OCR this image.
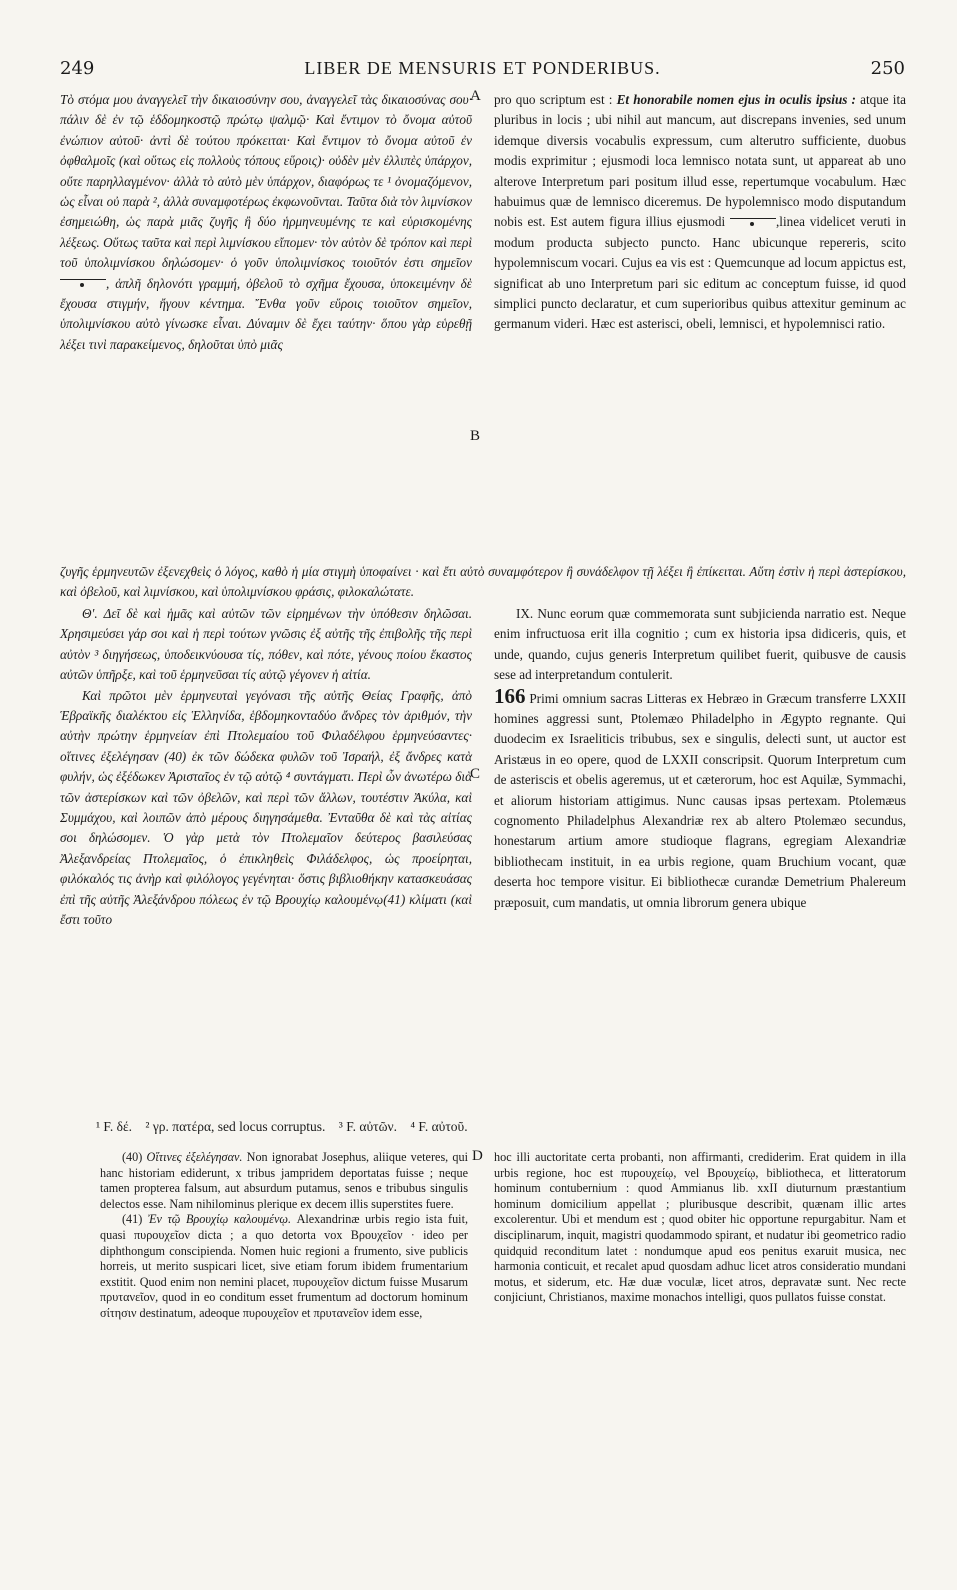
249	LIBER DE MENSURIS ET PONDERIBUS.	250
A
B
C

Τὸ στόμα μου ἀναγγελεῖ τὴν δικαιοσύνην σου, ἀναγγελεῖ τὰς δικαιοσύνας σου· πάλιν δὲ ἐν τῷ ἑδδομηκοστῷ πρώτῳ ψαλμῷ· Καὶ ἔντιμον τὸ ὄνομα αὐτοῦ ἐνώπιον αὐτοῦ· ἀντὶ δὲ τούτου πρόκειται· Καὶ ἔντιμον τὸ ὄνομα αὐτοῦ ἐν ὀφθαλμοῖς (καὶ οὕτως εἰς πολλοὺς τόπους εὕροις)· οὐδὲν μὲν ἐλλιπὲς ὑπάρχον, οὔτε παρηλλαγμένον· ἀλλὰ τὸ αὐτὸ μὲν ὑπάρχον, διαφόρως τε ¹ ὀνομαζόμενον, ὡς εἶναι οὐ παρὰ ², ἀλλὰ συναμφοτέρως ἐκφωνοῦνται. Ταῦτα διὰ τὸν λιμνίσκον ἐσημειώθη, ὡς παρὰ μιᾶς ζυγῆς ἢ δύο ἡρμηνευμένης τε καὶ εὑρισκομένης λέξεως. Οὕτως ταῦτα καὶ περὶ λιμνίσκου εἴπομεν· τὸν αὐτὸν δὲ τρόπον καὶ περὶ τοῦ ὑπολιμνίσκου δηλώσομεν· ὁ γοῦν ὑπολιμνίσκος τοιοῦτόν ἐστι σημεῖον , ἁπλῆ δηλονότι γραμμή, ὀβελοῦ τὸ σχῆμα ἔχουσα, ὑποκειμένην δὲ ἔχουσα στιγμήν, ἤγουν κέντημα. Ἔνθα γοῦν εὕροις τοιοῦτον σημεῖον, ὑπολιμνίσκου αὐτὸ γίνωσκε εἶναι. Δύναμιν δὲ ἔχει ταύτην· ὅπου γὰρ εὑρεθῇ λέξει τινὶ παρακείμενος, δηλοῦται ὑπὸ μιᾶς

pro quo scriptum est : Et honorabile nomen ejus in oculis ipsius : atque ita pluribus in locis ; ubi nihil aut mancum, aut discrepans invenies, sed unum idemque diversis vocabulis expressum, cum alterutro sufficiente, duobus modis exprimitur ; ejusmodi loca lemnisco notata sunt, ut appareat ab uno alterove Interpretum pari positum illud esse, repertumque vocabulum. Hæc habuimus quæ de lemnisco diceremus. De hypolemnisco modo disputandum nobis est. Est autem figura illius ejusmodi	,linea videlicet veruti in modum producta subjecto puncto. Hanc ubicunque repereris, scito hypolemniscum vocari. Cujus ea vis est : Quemcunque ad locum appictus est, significat ab uno Interpretum pari sic editum ac conceptum fuisse, id quod simplici puncto declaratur, et cum superioribus quibus attexitur geminum ac germanum videri. Hæc est asterisci, obeli, lemnisci, et hypolemnisci ratio.

ζυγῆς ἑρμηνευτῶν ἐξενεχθεὶς ὁ λόγος, καθὸ ἡ μία στιγμὴ ὑποφαίνει · καὶ ἔτι αὐτὸ συναμφότερον ἢ συνάδελφον τῇ λέξει ἢ ἐπίκειται. Αὕτη ἐστὶν ἡ περὶ ἀστερίσκου, καὶ ὀβελοῦ, καὶ λιμνίσκου, καὶ ὑπολιμνίσκου φράσις, φιλοκαλώτατε.

Θ'. Δεῖ δὲ καὶ ἡμᾶς καὶ αὐτῶν τῶν εἰρημένων τὴν ὑπόθεσιν δηλῶσαι. Χρησιμεύσει γάρ σοι καὶ ἡ περὶ τούτων γνῶσις ἐξ αὐτῆς τῆς ἐπιβολῆς τῆς περὶ αὐτὸν ³ διηγήσεως, ὑποδεικνύουσα τίς, πόθεν, καὶ πότε, γένους ποίου ἕκαστος αὐτῶν ὑπῆρξε, καὶ τοῦ ἑρμηνεῦσαι τίς αὐτῷ γέγονεν ἡ αἰτία.

Καὶ πρῶτοι μὲν ἑρμηνευταὶ γεγόνασι τῆς αὐτῆς Θείας Γραφῆς, ἀπὸ Ἑβραϊκῆς διαλέκτου εἰς Ἑλληνίδα, ἑβδομηκονταδύο ἄνδρες τὸν ἀριθμόν, τὴν αὐτὴν πρώτην ἑρμηνείαν ἐπὶ Πτολεμαίου τοῦ Φιλαδέλφου ἑρμηνεύσαντες· οἵτινες ἐξελέγησαν (40) ἐκ τῶν δώδεκα φυλῶν τοῦ Ἰσραήλ, ἐξ ἄνδρες κατὰ φυλήν, ὡς ἐξέδωκεν Ἀρισταῖος ἐν τῷ αὐτῷ ⁴ συντάγματι. Περὶ ὧν ἀνωτέρω διὰ τῶν ἀστερίσκων καὶ τῶν ὀβελῶν, καὶ περὶ τῶν ἄλλων, τουτέστιν Ἀκύλα, καὶ Συμμάχου, καὶ λοιπῶν ἀπὸ μέρους διηγησάμεθα. Ἐνταῦθα δὲ καὶ τὰς αἰτίας σοι δηλώσομεν. Ὁ γὰρ μετὰ τὸν Πτολεμαῖον δεύτερος βασιλεύσας Ἀλεξανδρείας Πτολεμαῖος, ὁ ἐπικληθεὶς Φιλάδελφος, ὡς προείρηται, φιλόκαλός τις ἀνὴρ καὶ φιλόλογος γεγένηται· ὅστις βιβλιοθήκην κατασκευάσας ἐπὶ τῆς αὐτῆς Ἀλεξάνδρου πόλεως ἐν τῷ Βρουχίῳ καλουμένῳ(41) κλίματι (καὶ ἔστι τοῦτο

IX. Nunc eorum quæ commemorata sunt subjicienda narratio est. Neque enim infructuosa erit illa cognitio ; cum ex historia ipsa didiceris, quis, et unde, quando, cujus generis Interpretum quilibet fuerit, quibusve de causis sese ad interpretandum contulerit.

166 Primi omnium sacras Litteras ex Hebræo in Græcum transferre LXXII homines aggressi sunt, Ptolemæo Philadelpho in Ægypto regnante. Qui duodecim ex Israeliticis tribubus, sex e singulis, delecti sunt, ut auctor est Aristæus in eo opere, quod de LXXII conscripsit. Quorum Interpretum cum de asteriscis et obelis ageremus, ut et cæterorum, hoc est Aquilæ, Symmachi, et aliorum historiam attigimus. Nunc causas ipsas pertexam. Ptolemæus cognomento Philadelphus Alexandriæ rex ab altero Ptolemæo secundus, honestarum artium amore studioque flagrans, egregiam Alexandriæ bibliothecam instituit, in ea urbis regione, quam Bruchium vocant, quæ deserta hoc tempore visitur. Ei bibliothecæ curandæ Demetrium Phalereum præposuit, cum mandatis, ut omnia librorum genera ubique

¹ F. δέ. ² γρ. πατέρα, sed locus corruptus. ³ F. αὐτῶν. ⁴ F. αὐτοῦ.
D

(40) Οἵτινες ἐξελέγησαν. Non ignorabat Josephus, aliique veteres, qui hanc historiam ediderunt, x tribus jampridem deportatas fuisse ; neque tamen propterea falsum, aut absurdum putamus, senos e tribubus singulis delectos esse. Nam nihilominus plerique ex decem illis superstites fuere.

(41) Ἐν τῷ Βρουχίῳ καλουμένῳ. Alexandrinæ urbis regio ista fuit, quasi πυρουχεῖον dicta ; a quo detorta vox Βρουχεῖον · ideo per diphthongum conscipienda. Nomen huic regioni a frumento, sive publicis horreis, ut merito suspicari licet, sive etiam forum ibidem frumentarium exstitit. Quod enim non nemini placet, πυρουχεῖον dictum fuisse Musarum πρυτανεῖον, quod in eo conditum esset frumentum ad doctorum hominum σίτησιν destinatum, adeoque πυρουχεῖον et πρυτανεῖον idem esse,

hoc illi auctoritate certa probanti, non affirmanti, crediderim. Erat quidem in illa urbis regione, hoc est πυρουχείῳ, vel Βρουχείῳ, bibliotheca, et litteratorum hominum contubernium : quod Ammianus lib. xxII diuturnum præstantium hominum domicilium appellat ; pluribusque describit, quænam illic artes excolerentur. Ubi et mendum est ; quod obiter hic opportune repurgabitur. Nam et disciplinarum, inquit, magistri quodammodo spirant, et nudatur ibi geometrico radio quidquid reconditum latet : nondumque apud eos penitus exaruit musica, nec harmonia conticuit, et recalet apud quosdam adhuc licet atros consideratio mundani motus, et siderum, etc. Hæ duæ voculæ, licet atros, depravatæ sunt. Nec recte conjiciunt, Christianos, maxime monachos intelligi, quos pullatos fuisse constat.
